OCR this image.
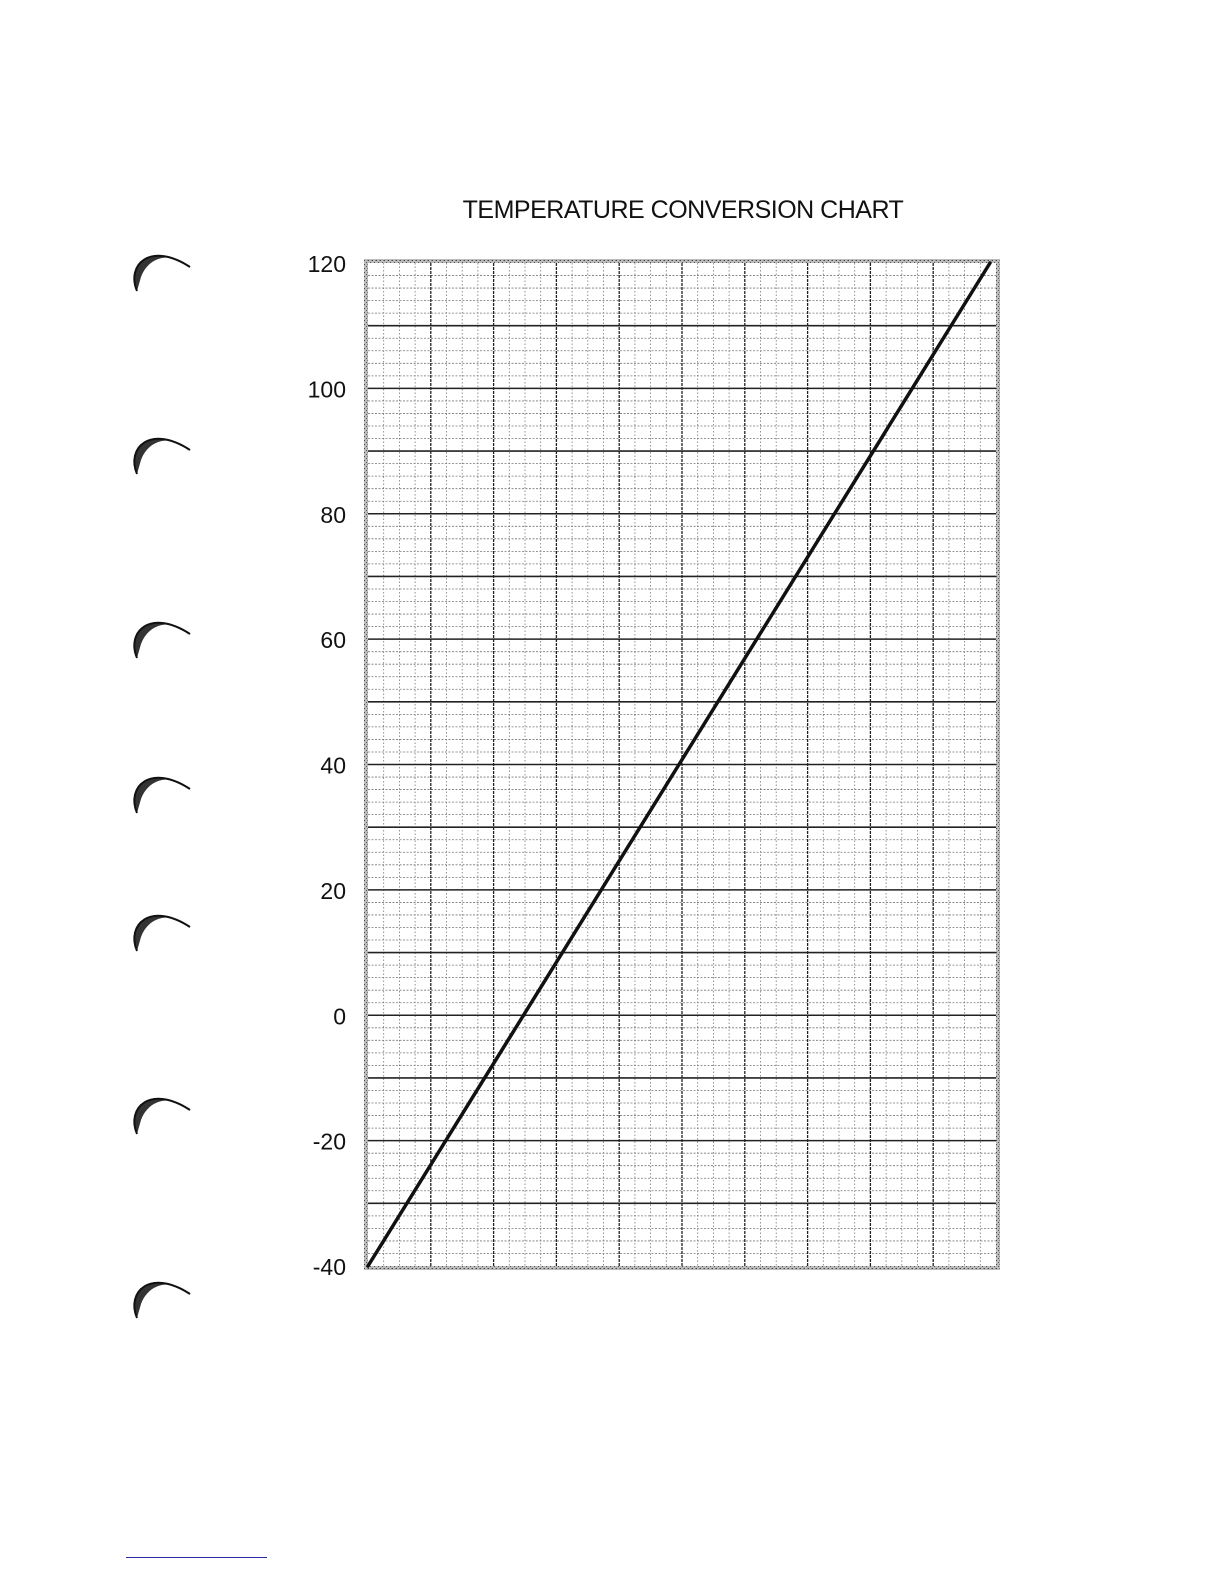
TEMPERATURE CONVERSION CHART
-40
-20
0
20
40
60
80
100
120
